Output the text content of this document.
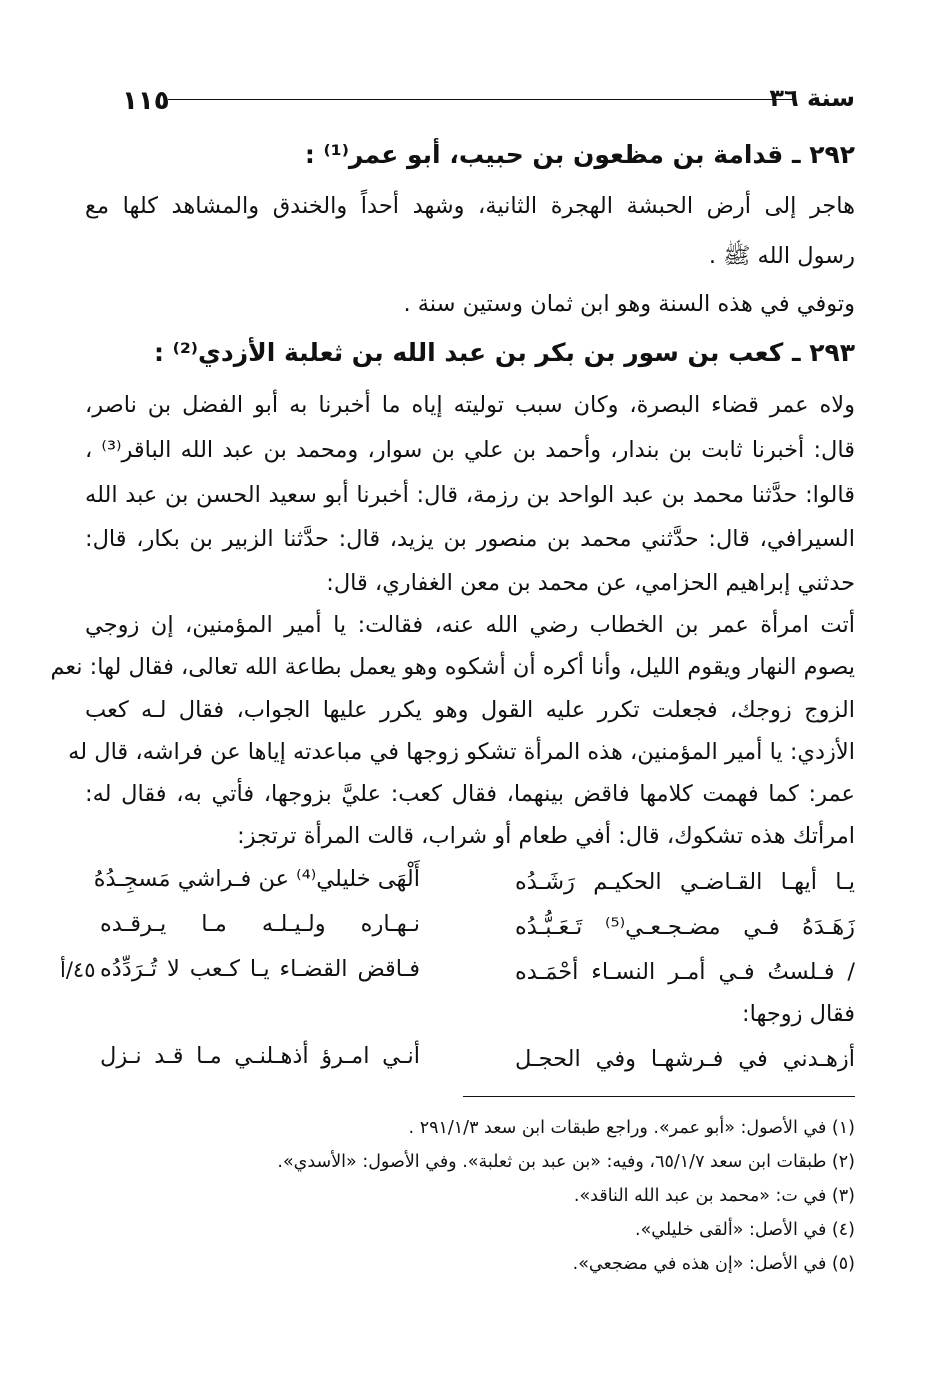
١١٥	سنة ٣٦
٢٩٢ ـ قدامة بن مظعون بن حبيب، أبو عمر⁽¹⁾ :
هاجر إلى أرض الحبشة الهجرة الثانية، وشهد أحداً والخندق والمشاهد كلها مع
رسول الله ﷺ .
وتوفي في هذه السنة وهو ابن ثمان وستين سنة .
٢٩٣ ـ كعب بن سور بن بكر بن عبد الله بن ثعلبة الأزدي⁽²⁾ :
ولاه عمر قضاء البصرة، وكان سبب توليته إياه ما أخبرنا به أبو الفضل بن ناصر،
قال: أخبرنا ثابت بن بندار، وأحمد بن علي بن سوار، ومحمد بن عبد الله الباقر⁽³⁾ ،
قالوا: حدَّثنا محمد بن عبد الواحد بن رزمة، قال: أخبرنا أبو سعيد الحسن بن عبد الله
السيرافي، قال: حدَّثني محمد بن منصور بن يزيد، قال: حدَّثنا الزبير بن بكار، قال:
حدثني إبراهيم الحزامي، عن محمد بن معن الغفاري، قال:
أتت امرأة عمر بن الخطاب رضي الله عنه، فقالت: يا أمير المؤمنين، إن زوجي
يصوم النهار ويقوم الليل، وأنا أكره أن أشكوه وهو يعمل بطاعة الله تعالى، فقال لها: نعم
الزوج زوجك، فجعلت تكرر عليه القول وهو يكرر عليها الجواب، فقال لـه كعب
الأزدي: يا أمير المؤمنين، هذه المرأة تشكو زوجها في مباعدته إياها عن فراشه، قال له
عمر: كما فهمت كلامها فاقض بينهما، فقال كعب: عليَّ بزوجها، فأتي به، فقال له:
امرأتك هذه تشكوك، قال: أفي طعام أو شراب، قالت المرأة ترتجز:
يـا أيهـا القـاضـي الحكيـم رَشَـدُه
أَلْهَى خليلي⁽⁴⁾ عن فـراشي مَسجِـدُهُ
زَهَـدَهُ فـي مضـجـعـي⁽⁵⁾ تَـعَـبُّـدُه
نـهـاره ولـيـلـه مـا يـرقـده
/ فـلستُ فـي أمـر النسـاء أحْمَـده
فـاقض القضـاء يـا كـعب لا تُـرَدِّدُه
٤٥/أ
فقال زوجها:
أزهـدني في فـرشهـا وفي الحجـل
أنـي امـرؤ أذهـلنـي مـا قـد نـزل
(١) في الأصول: «أبو عمر». وراجع طبقات ابن سعد ٢٩١/١/٣ .
(٢) طبقات ابن سعد ٦٥/١/٧، وفيه: «بن عبد بن ثعلبة». وفي الأصول: «الأسدي».
(٣) في ت: «محمد بن عبد الله الناقد».
(٤) في الأصل: «ألقى خليلي».
(٥) في الأصل: «إن هذه في مضجعي».
